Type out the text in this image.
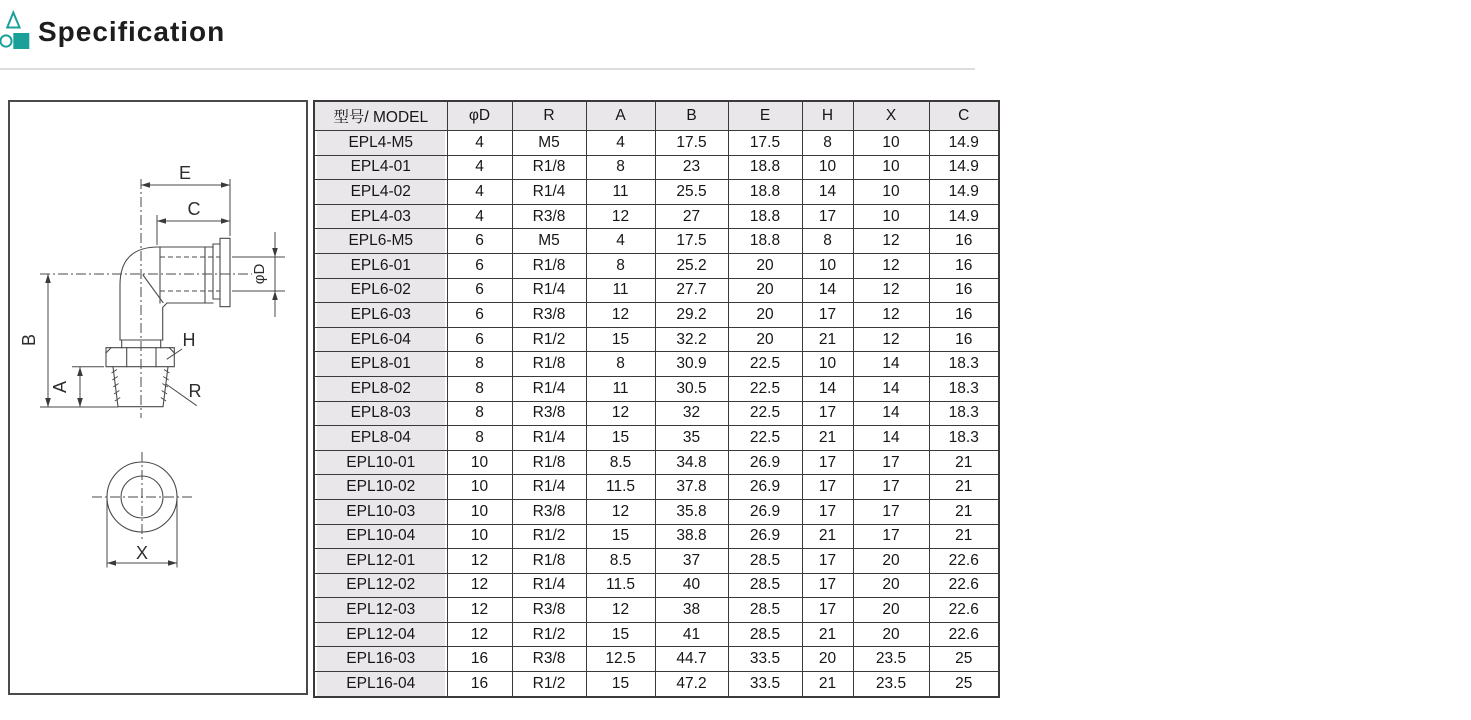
Specification
E
C
φD
B
A
H
R
X
型号/ MODEL	φD	R	A	B	E	H	X	C
EPL4-M5	4	M5	4	17.5	17.5	8	10	14.9
EPL4-01	4	R1/8	8	23	18.8	10	10	14.9
EPL4-02	4	R1/4	11	25.5	18.8	14	10	14.9
EPL4-03	4	R3/8	12	27	18.8	17	10	14.9
EPL6-M5	6	M5	4	17.5	18.8	8	12	16
EPL6-01	6	R1/8	8	25.2	20	10	12	16
EPL6-02	6	R1/4	11	27.7	20	14	12	16
EPL6-03	6	R3/8	12	29.2	20	17	12	16
EPL6-04	6	R1/2	15	32.2	20	21	12	16
EPL8-01	8	R1/8	8	30.9	22.5	10	14	18.3
EPL8-02	8	R1/4	11	30.5	22.5	14	14	18.3
EPL8-03	8	R3/8	12	32	22.5	17	14	18.3
EPL8-04	8	R1/4	15	35	22.5	21	14	18.3
EPL10-01	10	R1/8	8.5	34.8	26.9	17	17	21
EPL10-02	10	R1/4	11.5	37.8	26.9	17	17	21
EPL10-03	10	R3/8	12	35.8	26.9	17	17	21
EPL10-04	10	R1/2	15	38.8	26.9	21	17	21
EPL12-01	12	R1/8	8.5	37	28.5	17	20	22.6
EPL12-02	12	R1/4	11.5	40	28.5	17	20	22.6
EPL12-03	12	R3/8	12	38	28.5	17	20	22.6
EPL12-04	12	R1/2	15	41	28.5	21	20	22.6
EPL16-03	16	R3/8	12.5	44.7	33.5	20	23.5	25
EPL16-04	16	R1/2	15	47.2	33.5	21	23.5	25
